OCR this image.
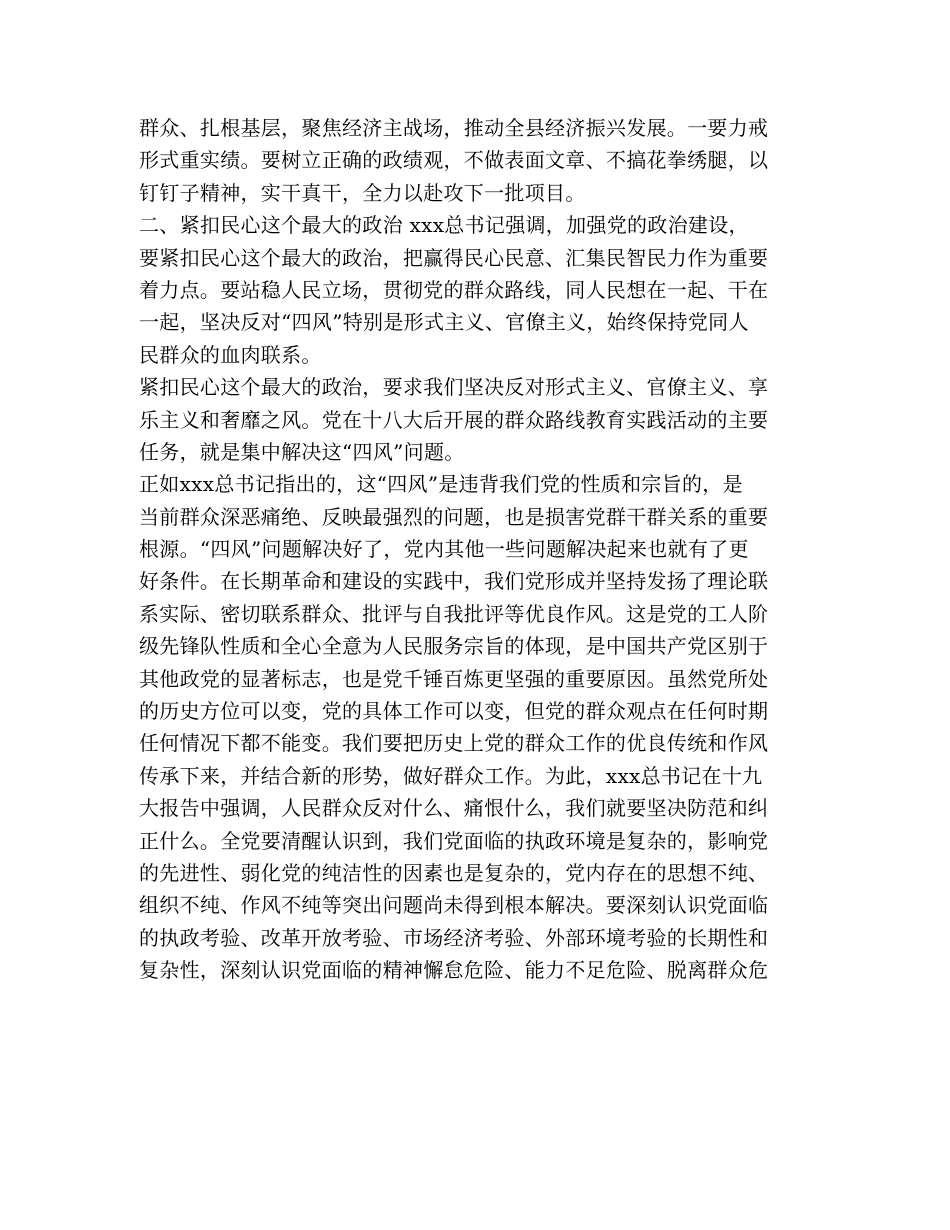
群众、扎根基层，聚焦经济主战场，推动全县经济振兴发展。一要力戒
形式重实绩。要树立正确的政绩观，不做表面文章、不搞花拳绣腿，以
钉钉子精神，实干真干，全力以赴攻下一批项目。
二、紧扣民心这个最大的政治 xxx总书记强调，加强党的政治建设，
要紧扣民心这个最大的政治，把赢得民心民意、汇集民智民力作为重要
着力点。要站稳人民立场，贯彻党的群众路线，同人民想在一起、干在
一起，坚决反对“四风”特别是形式主义、官僚主义，始终保持党同人
民群众的血肉联系。
紧扣民心这个最大的政治，要求我们坚决反对形式主义、官僚主义、享
乐主义和奢靡之风。党在十八大后开展的群众路线教育实践活动的主要
任务，就是集中解决这“四风”问题。
正如xxx总书记指出的，这“四风”是违背我们党的性质和宗旨的，是
当前群众深恶痛绝、反映最强烈的问题，也是损害党群干群关系的重要
根源。“四风”问题解决好了，党内其他一些问题解决起来也就有了更
好条件。在长期革命和建设的实践中，我们党形成并坚持发扬了理论联
系实际、密切联系群众、批评与自我批评等优良作风。这是党的工人阶
级先锋队性质和全心全意为人民服务宗旨的体现，是中国共产党区别于
其他政党的显著标志，也是党千锤百炼更坚强的重要原因。虽然党所处
的历史方位可以变，党的具体工作可以变，但党的群众观点在任何时期
任何情况下都不能变。我们要把历史上党的群众工作的优良传统和作风
传承下来，并结合新的形势，做好群众工作。为此，xxx总书记在十九
大报告中强调，人民群众反对什么、痛恨什么，我们就要坚决防范和纠
正什么。全党要清醒认识到，我们党面临的执政环境是复杂的，影响党
的先进性、弱化党的纯洁性的因素也是复杂的，党内存在的思想不纯、
组织不纯、作风不纯等突出问题尚未得到根本解决。要深刻认识党面临
的执政考验、改革开放考验、市场经济考验、外部环境考验的长期性和
复杂性，深刻认识党面临的精神懈怠危险、能力不足危险、脱离群众危
